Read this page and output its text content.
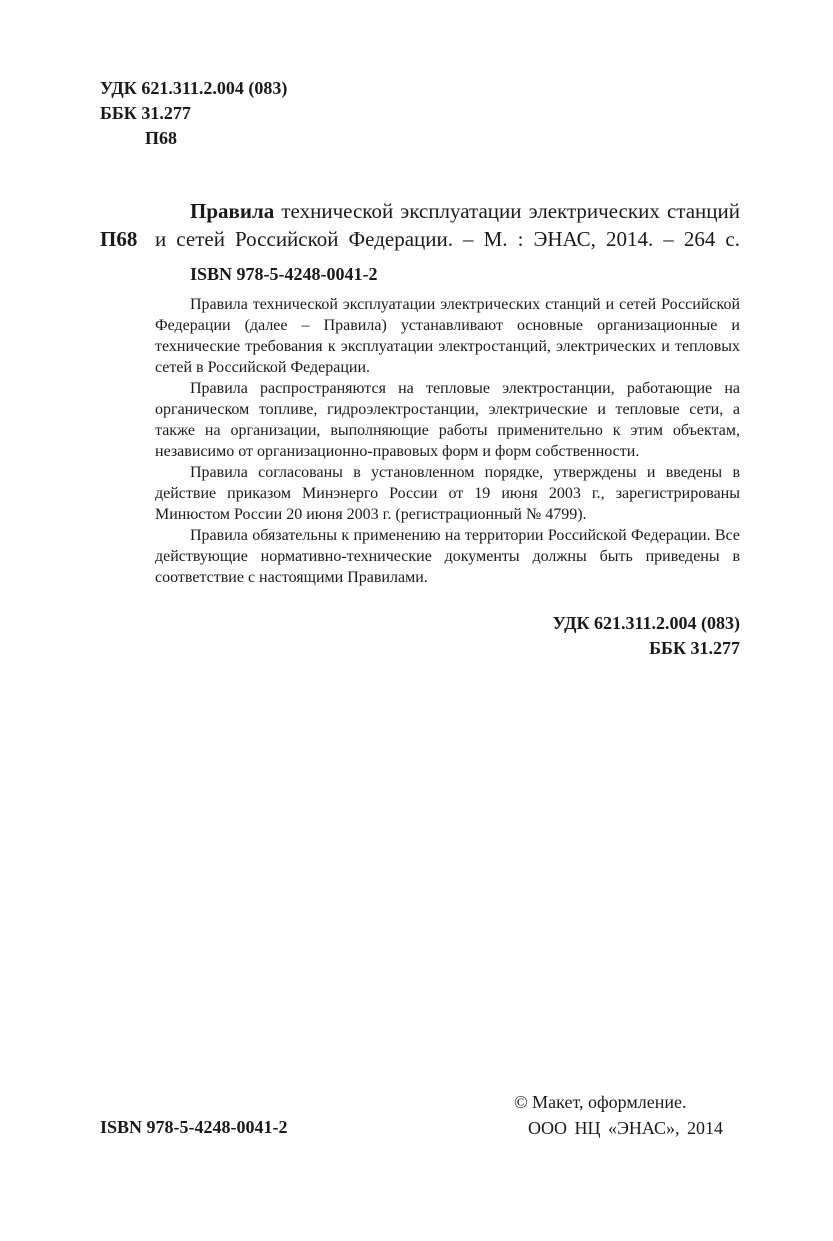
УДК 621.311.2.004 (083)
ББК 31.277
П68
П68
Правила технической эксплуатации электрических станций
и сетей Российской Федерации. – М. : ЭНАС, 2014. – 264 с.
ISBN 978-5-4248-0041-2

Правила технической эксплуатации электрических станций и сетей Российской Федерации (далее – Правила) устанавливают основные организационные и технические требования к эксплуатации электростанций, электрических и тепловых сетей в Российской Федерации.

Правила распространяются на тепловые электростанции, работающие на органическом топливе, гидроэлектростанции, электрические и тепловые сети, а также на организации, выполняющие работы применительно к этим объектам, независимо от организационно-правовых форм и форм собственности.

Правила согласованы в установленном порядке, утверждены и введены в действие приказом Минэнерго России от 19 июня 2003 г., зарегистрированы Минюстом России 20 июня 2003 г. (регистрационный № 4799).

Правила обязательны к применению на территории Российской Федерации. Все действующие нормативно-технические документы должны быть приведены в соответствие с настоящими Правилами.

УДК 621.311.2.004 (083)
ББК 31.277
ISBN 978-5-4248-0041-2
© Макет, оформление.
ООО НЦ «ЭНАС», 2014
